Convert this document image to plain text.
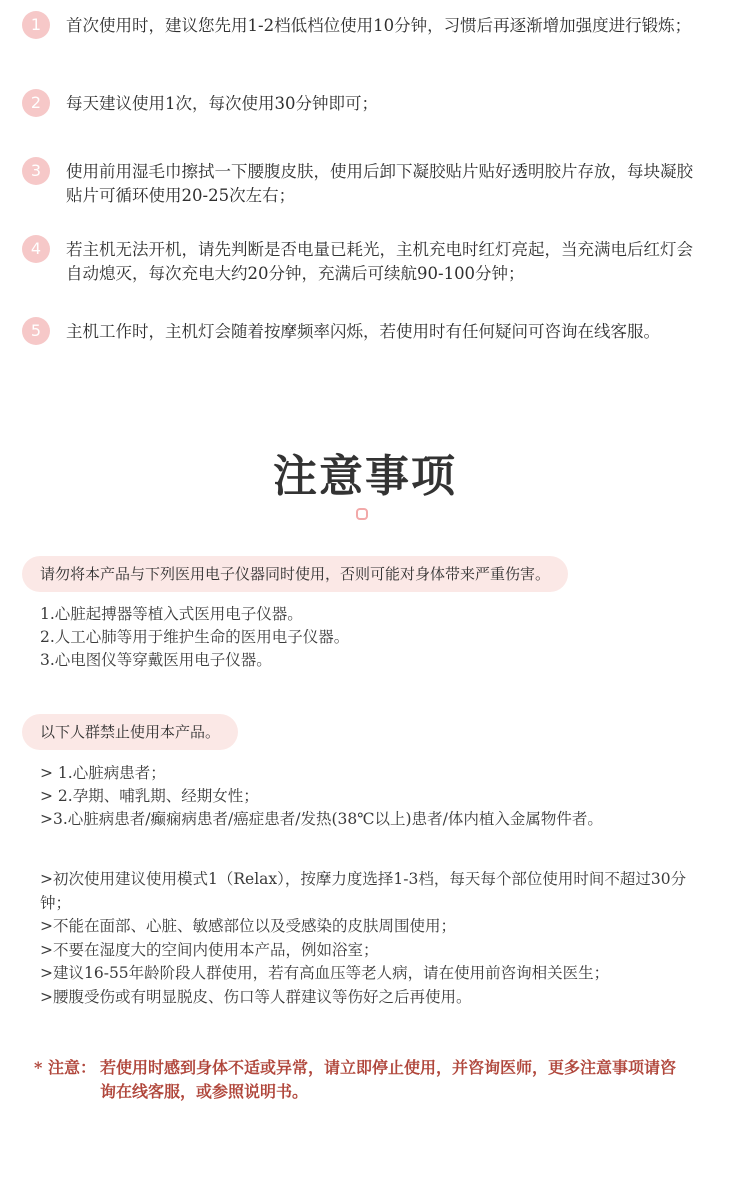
1	首次使用时，建议您先用1-2档低档位使用10分钟，习惯后再逐渐增加强度进行锻炼；
2	每天建议使用1次，每次使用30分钟即可；
3	使用前用湿毛巾擦拭一下腰腹皮肤，使用后卸下凝胶贴片贴好透明胶片存放，每块凝胶贴片可循环使用20-25次左右；
4	若主机无法开机，请先判断是否电量已耗光，主机充电时红灯亮起，当充满电后红灯会自动熄灭，每次充电大约20分钟，充满后可续航90-100分钟；
5	主机工作时，主机灯会随着按摩频率闪烁，若使用时有任何疑问可咨询在线客服。
注意事项
请勿将本产品与下列医用电子仪器同时使用，否则可能对身体带来严重伤害。
1.心脏起搏器等植入式医用电子仪器。
2.人工心肺等用于维护生命的医用电子仪器。
3.心电图仪等穿戴医用电子仪器。
以下人群禁止使用本产品。
> 1.心脏病患者；
> 2.孕期、哺乳期、经期女性；
>3.心脏病患者/癫痫病患者/癌症患者/发热(38℃以上)患者/体内植入金属物件者。
>初次使用建议使用模式1（Relax），按摩力度选择1-3档，每天每个部位使用时间不超过30分钟；
>不能在面部、心脏、敏感部位以及受感染的皮肤周围使用；
>不要在湿度大的空间内使用本产品，例如浴室；
>建议16-55年龄阶段人群使用，若有高血压等老人病，请在使用前咨询相关医生；
>腰腹受伤或有明显脱皮、伤口等人群建议等伤好之后再使用。
* 注意： 若使用时感到身体不适或异常，请立即停止使用，并咨询医师，更多注意事项请咨询在线客服，或参照说明书。
